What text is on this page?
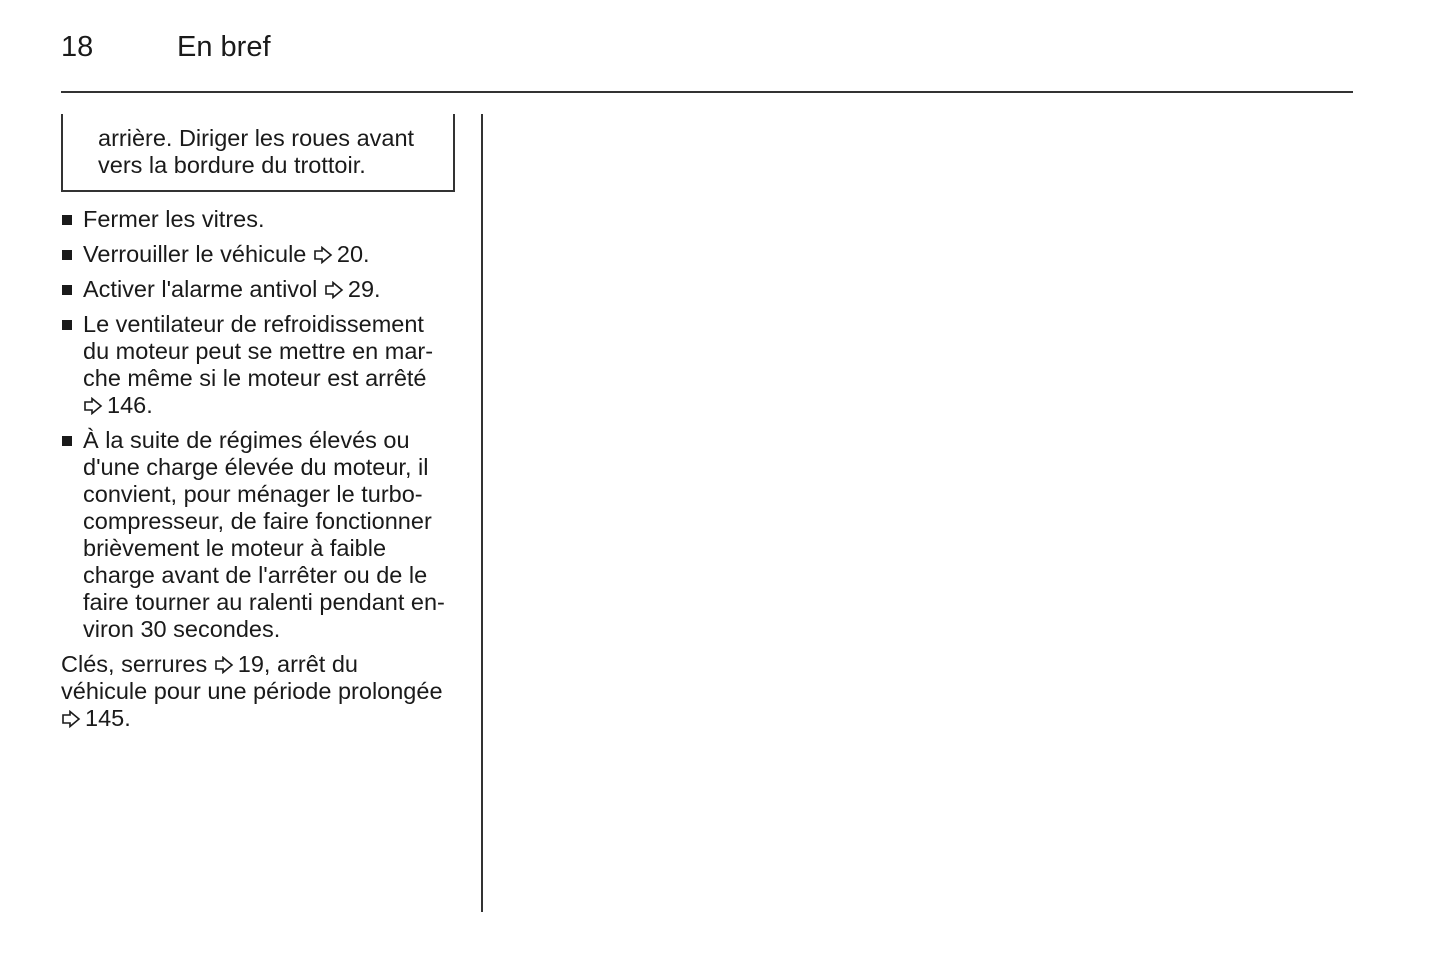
18	En bref
arrière. Diriger les roues avant
vers la bordure du trottoir.
Fermer les vitres.
Verrouiller le véhicule 20.
Activer l'alarme antivol 29.
Le ventilateur de refroidissement
du moteur peut se mettre en mar-
che même si le moteur est arrêté
146.
À la suite de régimes élevés ou
d'une charge élevée du moteur, il
convient, pour ménager le turbo-
compresseur, de faire fonctionner
brièvement le moteur à faible
charge avant de l'arrêter ou de le
faire tourner au ralenti pendant en-
viron 30 secondes.
Clés, serrures 19, arrêt du
véhicule pour une période prolongée
145.
